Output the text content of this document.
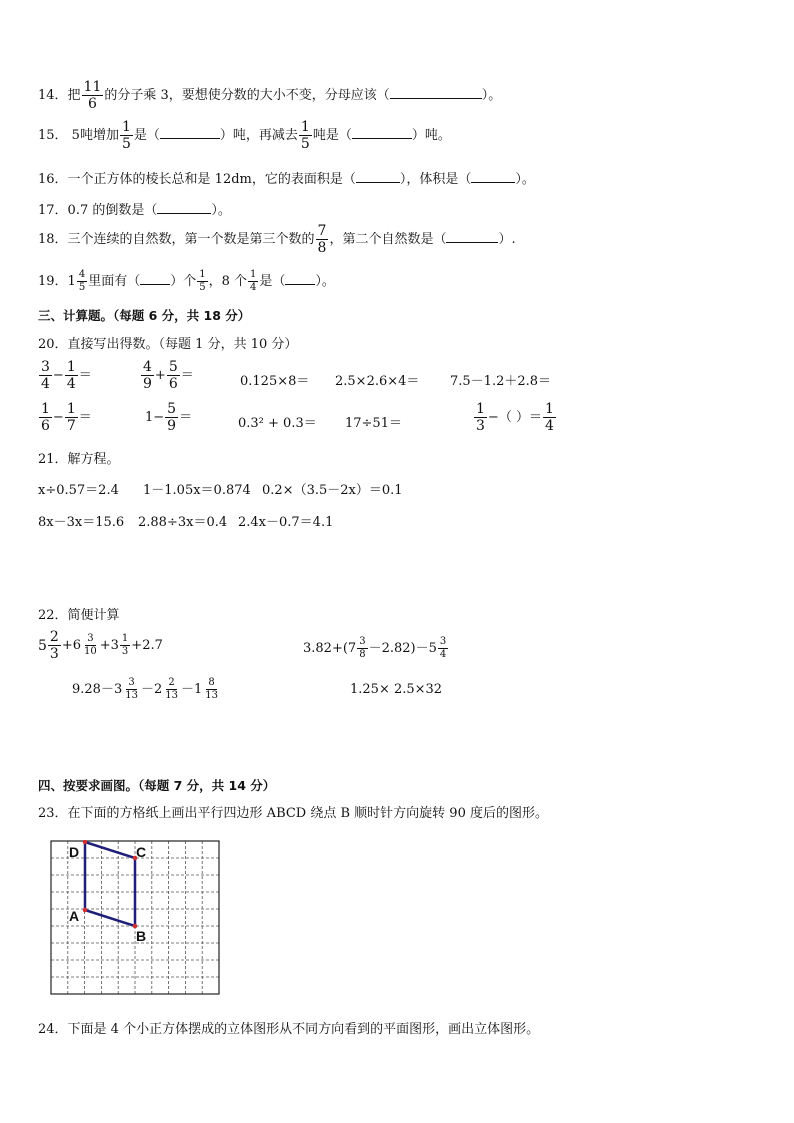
14．把 $\frac{11}{6}$ 的分子乘 3，要想使分数的大小不变，分母应该（	）。
15． 5吨增加 $\frac{1}{5}$ 是（	）吨，再减去 $\frac{1}{5}$ 吨是（	）吨。
16．一个正方体的棱长总和是 12dm，它的表面积是（	），体积是（	）。
17．0.7 的倒数是（	）。
18．三个连续的自然数，第一个数是第三个数的 $\frac{7}{8}$ ，第二个自然数是（	）.
19． $1 \frac{4}{5}$ 里面有（ ）个 $\frac{1}{5}$ ，8 个 $\frac{1}{4}$ 是（ ）。
三、计算题。（每题 6 分，共 18 分）
20．直接写出得数。（每题 1 分，共 10 分）
$\frac{3}{4} - \frac{1}{4}$ ＝	$\frac{4}{9} + \frac{5}{6}$ ＝	0.125×8＝ 2.5×2.6×4＝ 7.5－1.2＋2.8＝
$\frac{1}{6} - \frac{1}{7}$ ＝	$1- \frac{5}{9}$ ＝	0.3² + 0.3＝ 17÷51＝	$\frac{1}{3}$ −（ ）＝ $\frac{1}{4}$
21．解方程。
x÷0.57＝2.4 1－1.05x＝0.874 0.2×（3.5－2x）＝0.1
8x－3x＝15.6 2.88÷3x＝0.4 2.4x－0.7＝4.1
22．简便计算
$5 \frac{2}{3} +6 \frac{3}{10} +3 \frac{1}{3} +2.7$	$3.82+(7 \frac{3}{8} -2.82)-5 \frac{3}{4}$
$9.28-3 \frac{3}{13} -2 \frac{2}{13} -1 \frac{8}{13}$	1.25× 2.5×32
四、按要求画图。（每题 7 分，共 14 分）
23．在下面的方格纸上画出平行四边形 ABCD 绕点 B 顺时针方向旋转 90 度后的图形。
D	C
A
B
24．下面是 4 个小正方体摆成的立体图形从不同方向看到的平面图形，画出立体图形。
